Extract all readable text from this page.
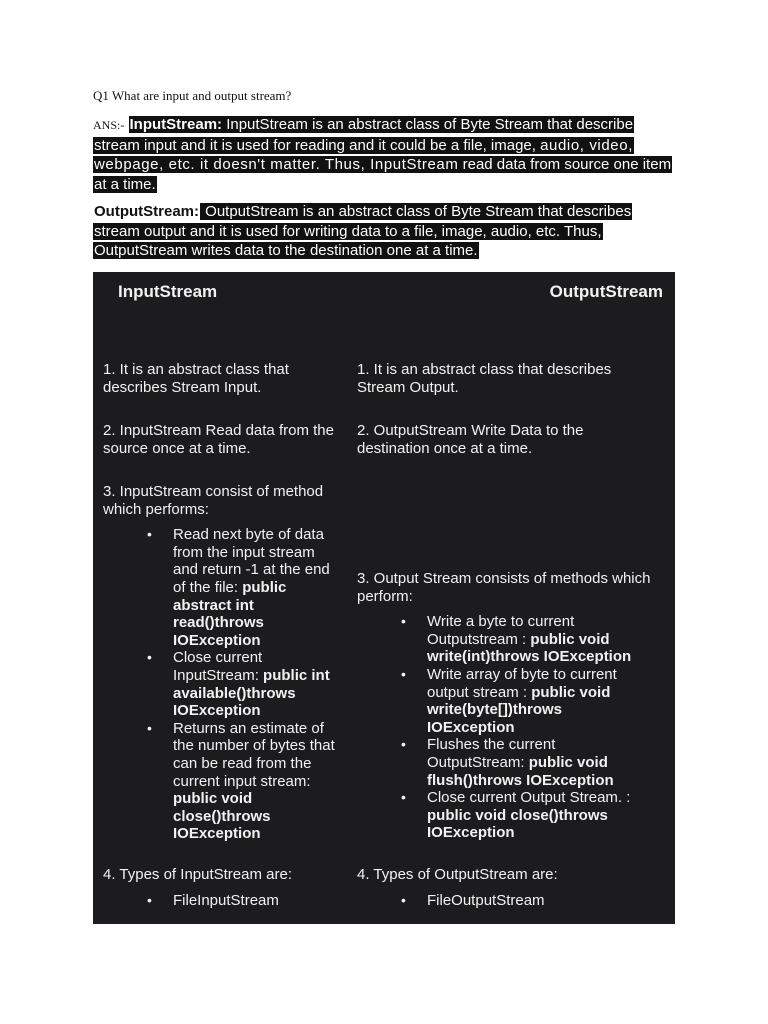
Q1 What are input and output stream?
ANS:- InputStream: InputStream is an abstract class of Byte Stream that describe stream input and it is used for reading and it could be a file, image, audio, video, webpage, etc. it doesn't matter. Thus, InputStream read data from source one item at a time.
OutputStream: OutputStream is an abstract class of Byte Stream that describes stream output and it is used for writing data to a file, image, audio, etc. Thus, OutputStream writes data to the destination one at a time.
InputStream	OutputStream
1. It is an abstract class that describes Stream Input.
2. InputStream Read data from the source once at a time.
3. InputStream consist of method which performs:
• Read next byte of data from the input stream and return -1 at the end of the file: public abstract int read()throws IOException
• Close current InputStream: public int available()throws IOException
• Returns an estimate of the number of bytes that can be read from the current input stream: public void close()throws IOException
4. Types of InputStream are:
• FileInputStream
1. It is an abstract class that describes Stream Output.
2. OutputStream Write Data to the destination once at a time.
3. Output Stream consists of methods which perform:
• Write a byte to current Outputstream : public void write(int)throws IOException
• Write array of byte to current output stream : public void write(byte[])throws IOException
• Flushes the current OutputStream: public void flush()throws IOException
• Close current Output Stream. : public void close()throws IOException
4. Types of OutputStream are:
• FileOutputStream
